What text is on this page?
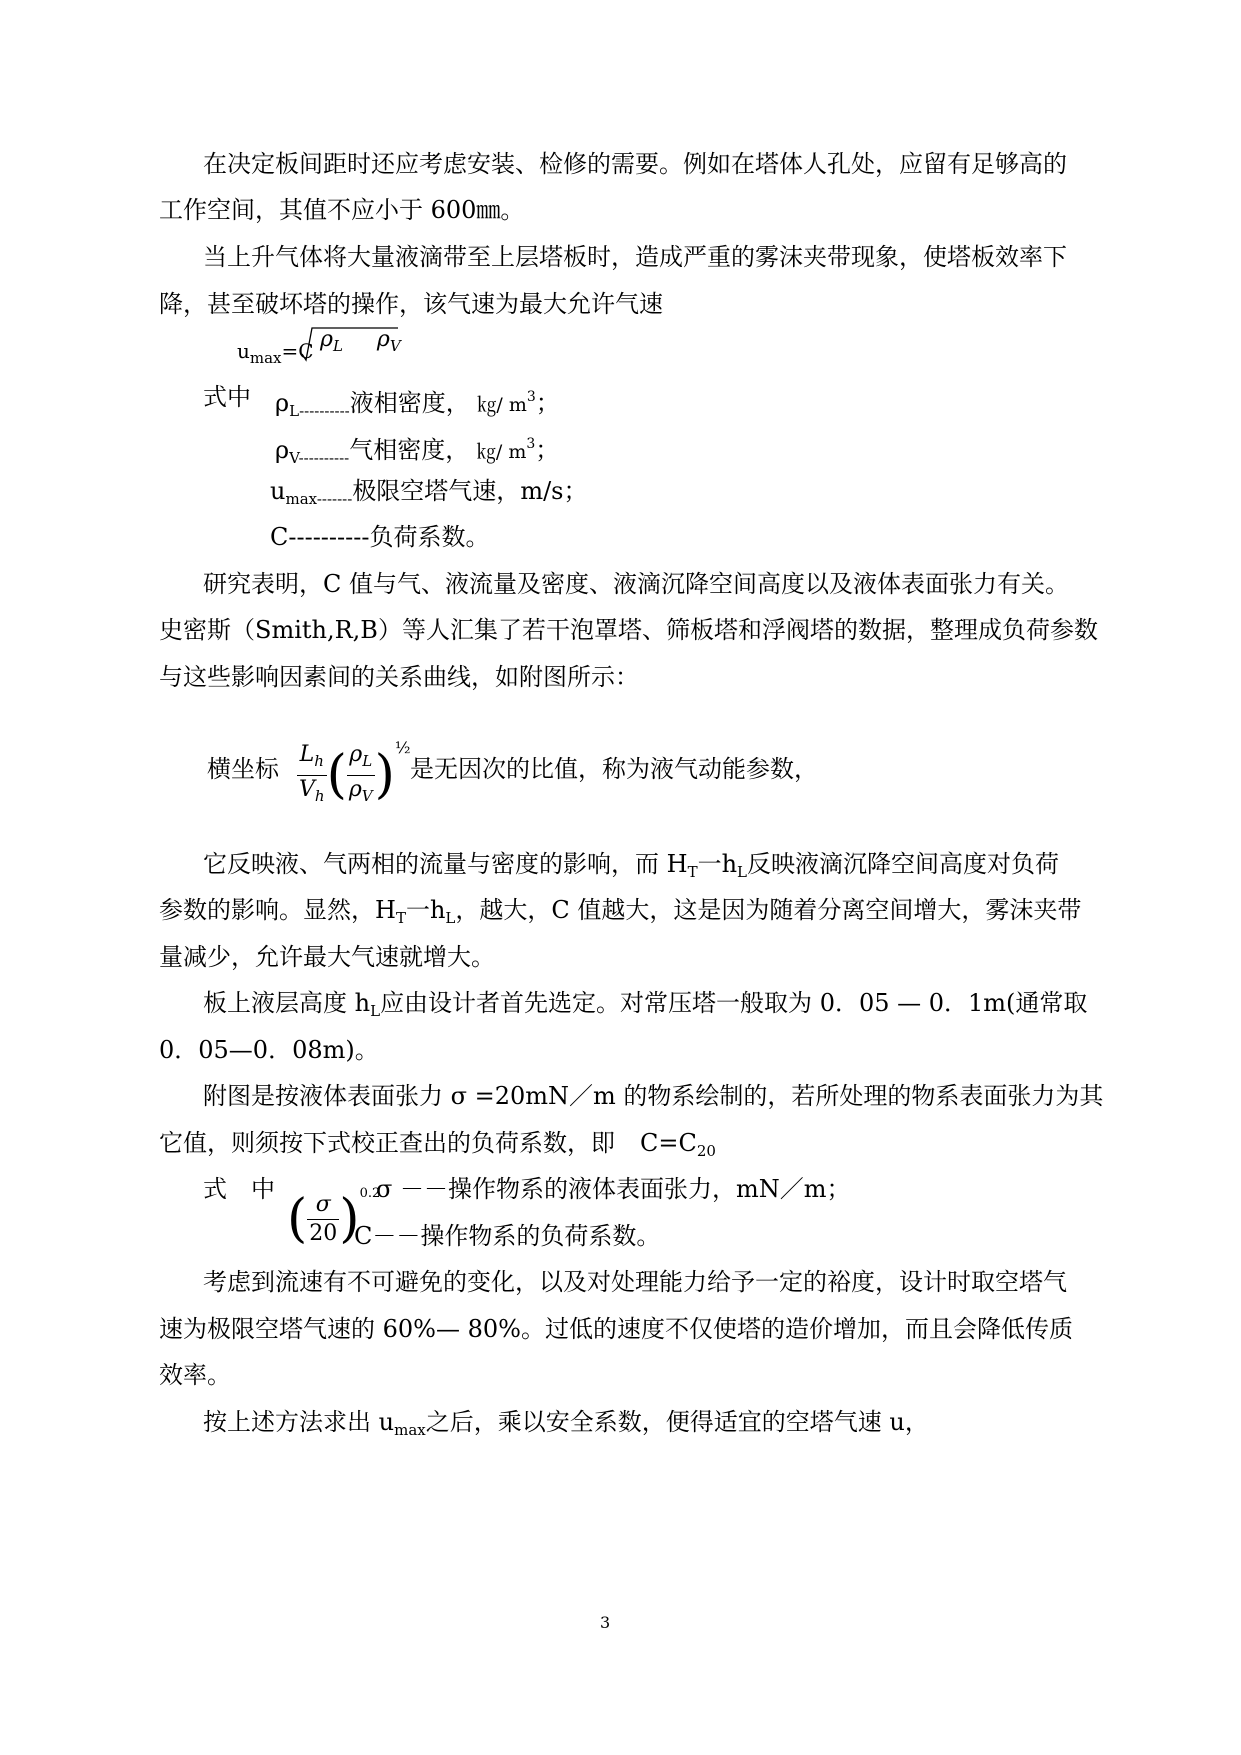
在决定板间距时还应考虑安装、检修的需要。例如在塔体人孔处，应留有足够高的
工作空间，其值不应小于 600㎜。
当上升气体将大量液滴带至上层塔板时，造成严重的雾沫夹带现象，使塔板效率下
降，甚至破坏塔的操作，该气速为最大允许气速
$u_{max}=C$ $\rho_L$ $\rho_V$
式中 $\rho_{L----------}$液相密度， ㎏/ $m^3$；
$\rho_{V----------}$气相密度， ㎏/ $m^3$；
$u_{max-------}$极限空塔气速，m/s；
C----------负荷系数。
研究表明，C 值与气、液流量及密度、液滴沉降空间高度以及液体表面张力有关。
史密斯（Smith,R,B）等人汇集了若干泡罩塔、筛板塔和浮阀塔的数据，整理成负荷参数
与这些影响因素间的关系曲线，如附图所示：
横坐标 $\frac{L_h}{V_h}$ ( $\frac{\rho_L}{\rho_V} )^{\frac{1}{2}}$
是无因次的比值，称为液气动能参数，
它反映液、气两相的流量与密度的影响，而 $H_T$一$h_L$反映液滴沉降空间高度对负荷
参数的影响。显然，$H_T$一$h_L$，越大，C 值越大，这是因为随着分离空间增大，雾沫夹带
量减少，允许最大气速就增大。
板上液层高度 $h_L$应由设计者首先选定。对常压塔一般取为 0．05 — 0．1m(通常取
0．05—0．08m)。
附图是按液体表面张力 σ =20mN／m 的物系绘制的，若所处理的物系表面张力为其
它值，则须按下式校正查出的负荷系数，即 $C=C_{20}$
式　中 ( $\frac{\sigma}{20} )^{0.2}$
σ －－操作物系的液体表面张力，mN／m；
C－－操作物系的负荷系数。
考虑到流速有不可避免的变化，以及对处理能力给予一定的裕度，设计时取空塔气
速为极限空塔气速的 60%— 80%。过低的速度不仅使塔的造价增加，而且会降低传质
效率。
按上述方法求出 $u_{max}$之后，乘以安全系数，便得适宜的空塔气速 u，
3
